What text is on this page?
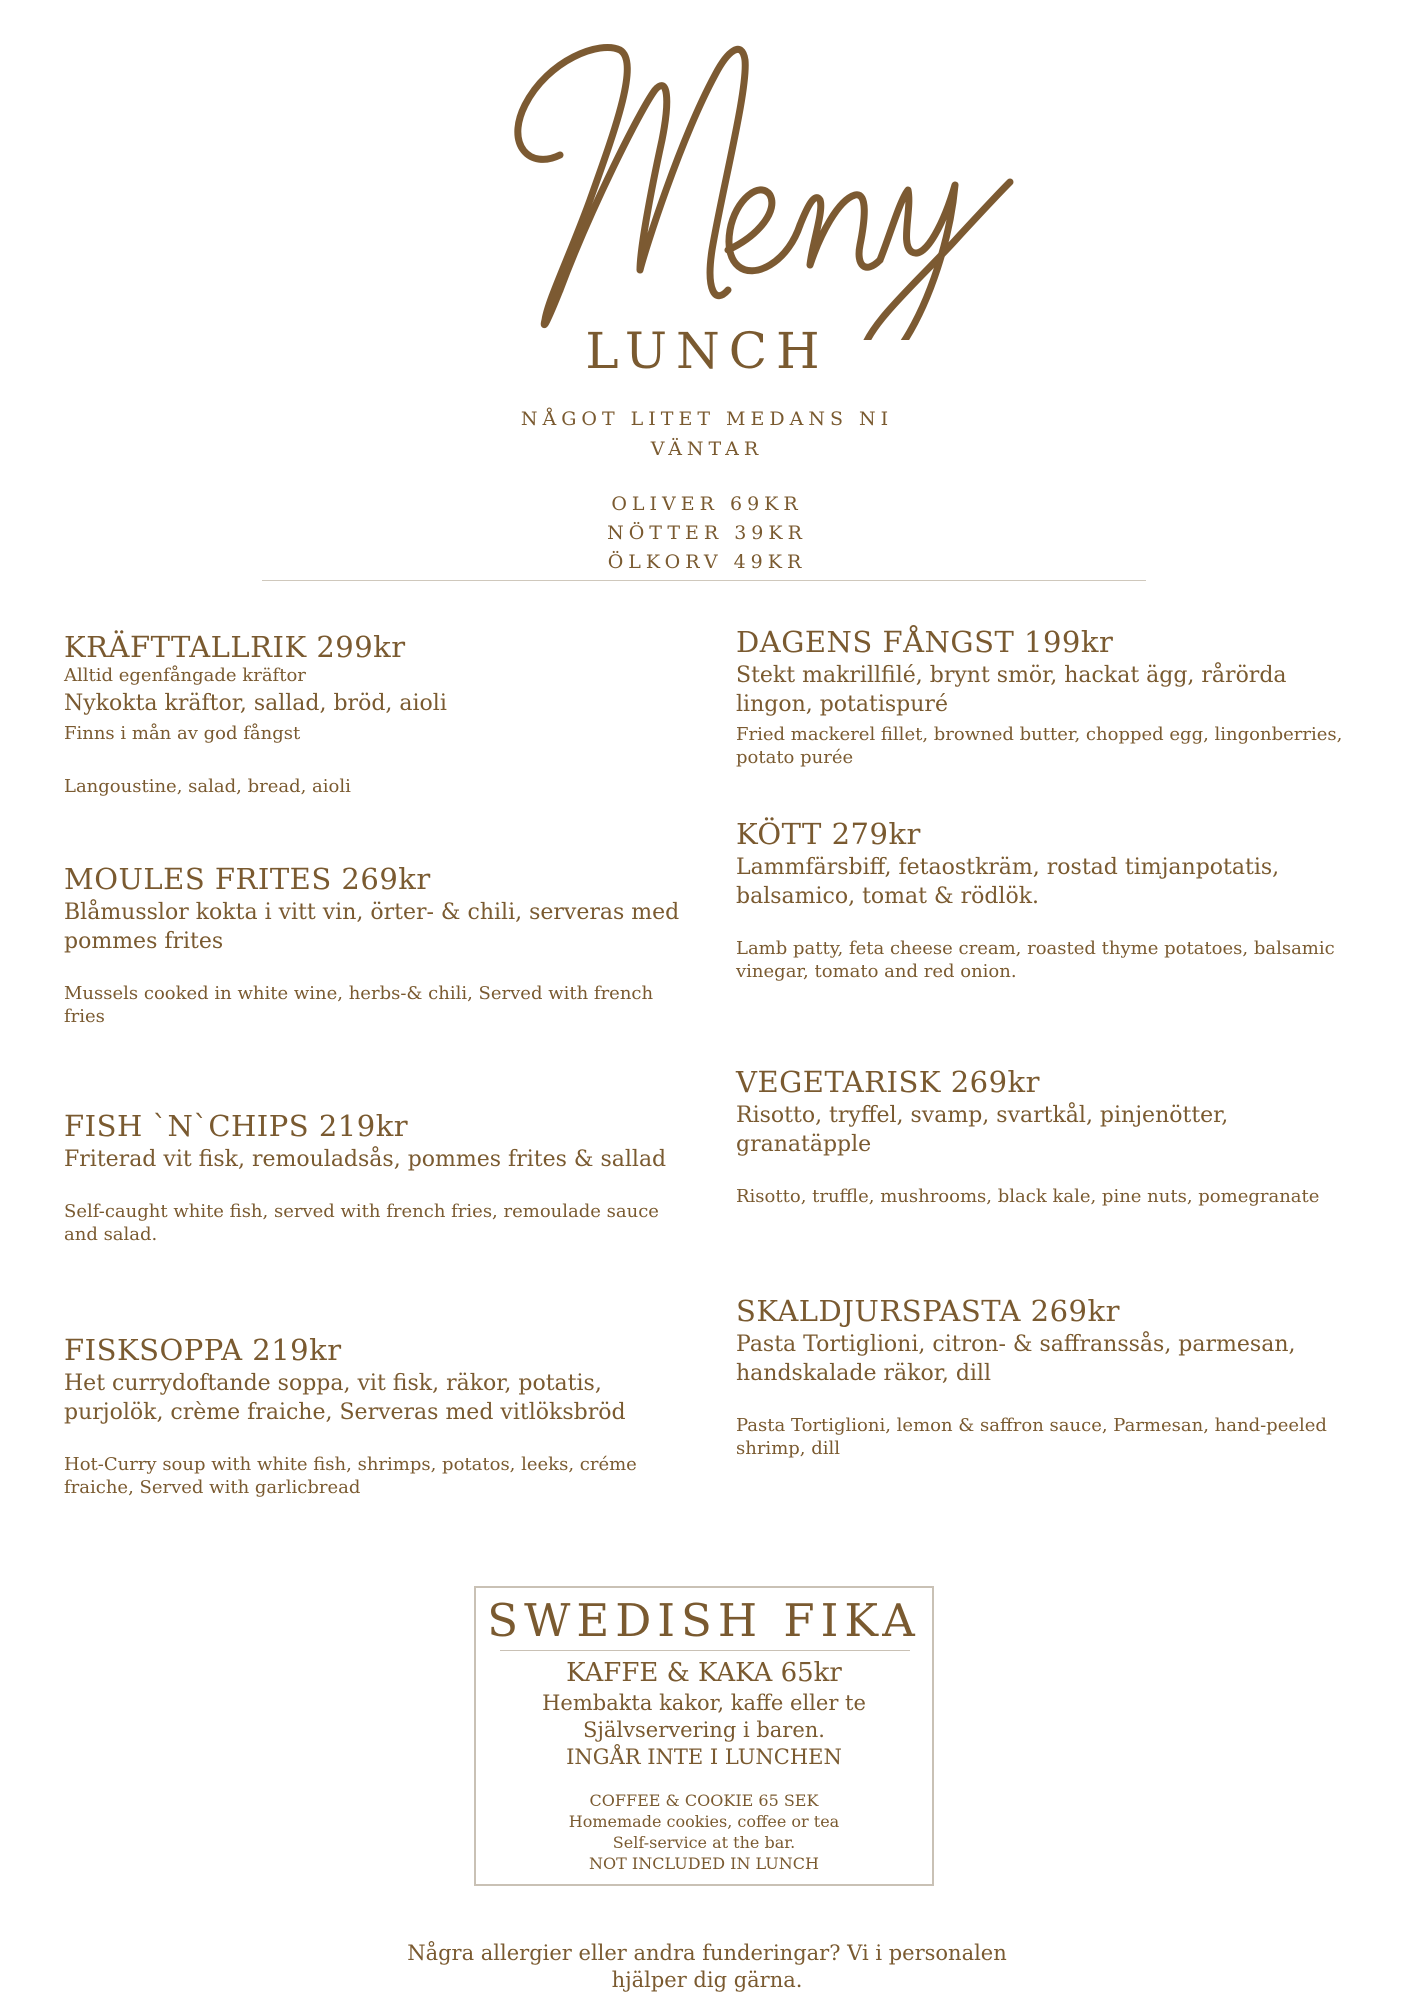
LUNCH
NÅGOT LITET MEDANS NI
VÄNTAR
OLIVER 69KR
NÖTTER 39KR
ÖLKORV 49KR
KRÄFTTALLRIK 299kr
Alltid egenfångade kräftor
Nykokta kräftor, sallad, bröd, aioli
Finns i mån av god fångst
Langoustine, salad, bread, aioli
MOULES FRITES 269kr
Blåmusslor kokta i vitt vin, örter- & chili, serveras med pommes frites
Mussels cooked in white wine, herbs-& chili, Served with french fries
FISH `N`CHIPS 219kr
Friterad vit fisk, remouladsås, pommes frites & sallad
Self-caught white fish, served with french fries, remoulade sauce and salad.
FISKSOPPA 219kr
Het currydoftande soppa, vit fisk, räkor, potatis, purjolök, crème fraiche, Serveras med vitlöksbröd
Hot-Curry soup with white fish, shrimps, potatos, leeks, créme fraiche, Served with garlicbread
DAGENS FÅNGST 199kr
Stekt makrillfilé, brynt smör, hackat ägg, rårörda lingon, potatispuré
Fried mackerel fillet, browned butter, chopped egg, lingonberries, potato purée
KÖTT 279kr
Lammfärsbiff, fetaostkräm, rostad timjanpotatis, balsamico, tomat & rödlök.
Lamb patty, feta cheese cream, roasted thyme potatoes, balsamic vinegar, tomato and red onion.
VEGETARISK 269kr
Risotto, tryffel, svamp, svartkål, pinjenötter, granatäpple
Risotto, truffle, mushrooms, black kale, pine nuts, pomegranate
SKALDJURSPASTA 269kr
Pasta Tortiglioni, citron- & saffranssås, parmesan, handskalade räkor, dill
Pasta Tortiglioni, lemon & saffron sauce, Parmesan, hand-peeled shrimp, dill
SWEDISH FIKA
KAFFE & KAKA 65kr
Hembakta kakor, kaffe eller te
Självservering i baren.
INGÅR INTE I LUNCHEN
COFFEE & COOKIE 65 SEK
Homemade cookies, coffee or tea
Self-service at the bar.
NOT INCLUDED IN LUNCH
Några allergier eller andra funderingar? Vi i personalen
hjälper dig gärna.
